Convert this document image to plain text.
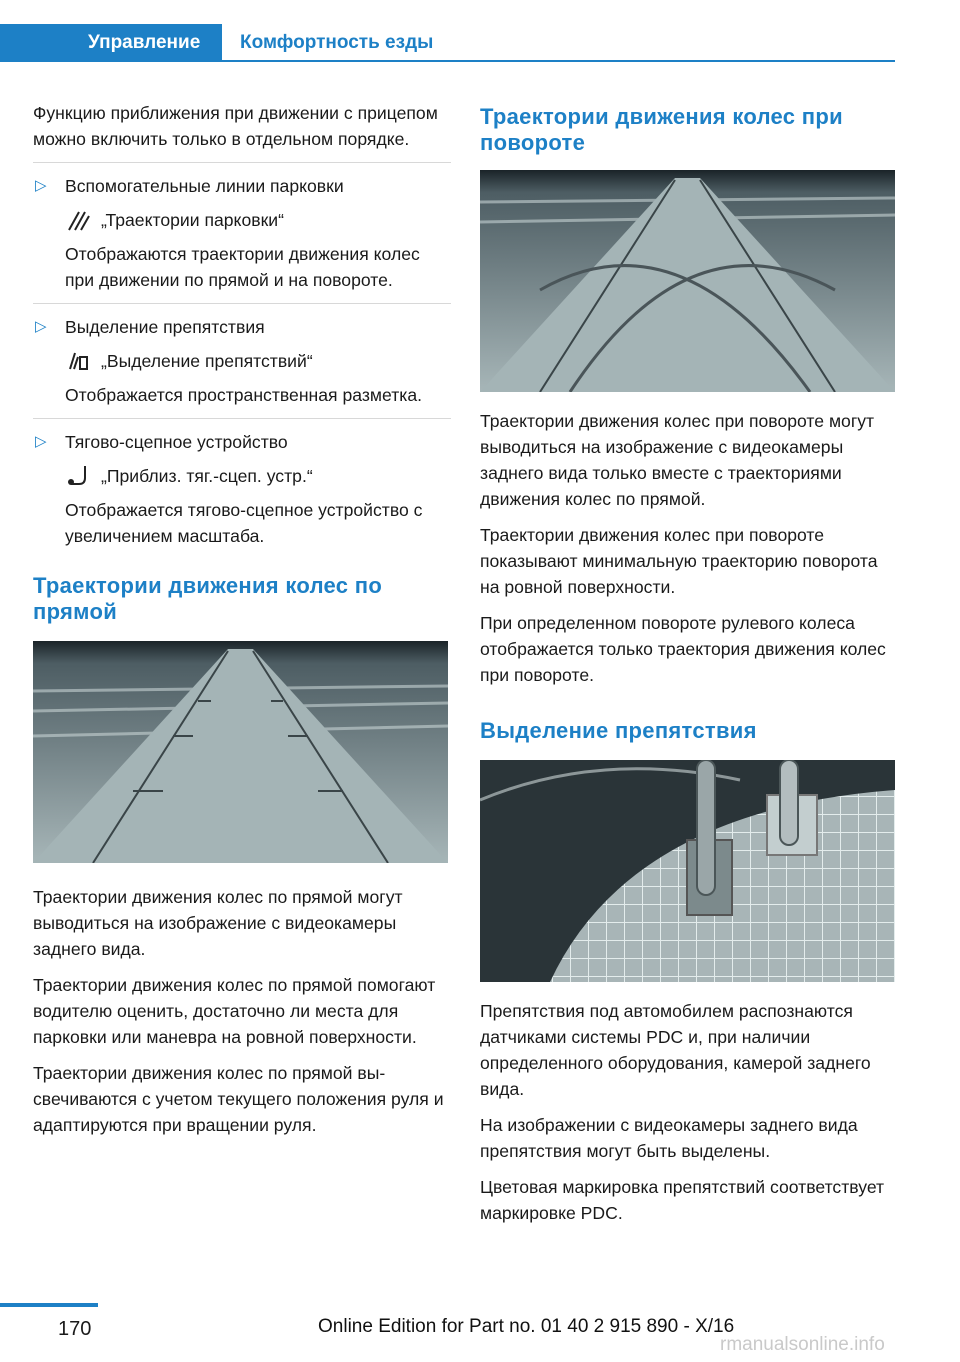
Управление	Комфортность езды

Функцию приближения при движении с прицепом можно включить только в отдельном порядке.

▷ Вспомогательные линии парковки

„Траектории парковки“

Отображаются траектории движения колес при движении по прямой и на повороте.

▷ Выделение препятствия

„Выделение препятствий“

Отображается пространственная разметка.

▷ Тягово-сцепное устройство

„Приблиз. тяг.-сцеп. устр.“

Отображается тягово-сцепное устройство с увеличением масштаба.

Траектории движения колес по прямой

Траектории движения колес по прямой могут выводиться на изображение с видеокамеры заднего вида.

Траектории движения колес по прямой помогают водителю оценить, достаточно ли места для парковки или маневра на ровной поверхности.

Траектории движения колес по прямой высвечиваются с учетом текущего положения руля и адаптируются при вращении руля.

Траектории движения колес при повороте

Траектории движения колес при повороте могут выводиться на изображение с видеокамеры заднего вида только вместе с траекториями движения колес по прямой.

Траектории движения колес при повороте показывают минимальную траекторию поворота на ровной поверхности.

При определенном повороте рулевого колеса отображается только траектория движения колес при повороте.

Выделение препятствия

Препятствия под автомобилем распознаются датчиками системы PDC и, при наличии определенного оборудования, камерой заднего вида.

На изображении с видеокамеры заднего вида препятствия могут быть выделены.

Цветовая маркировка препятствий соответствует маркировке PDC.

170	Online Edition for Part no. 01 40 2 915 890 - X/16
rmanualsonline.info
